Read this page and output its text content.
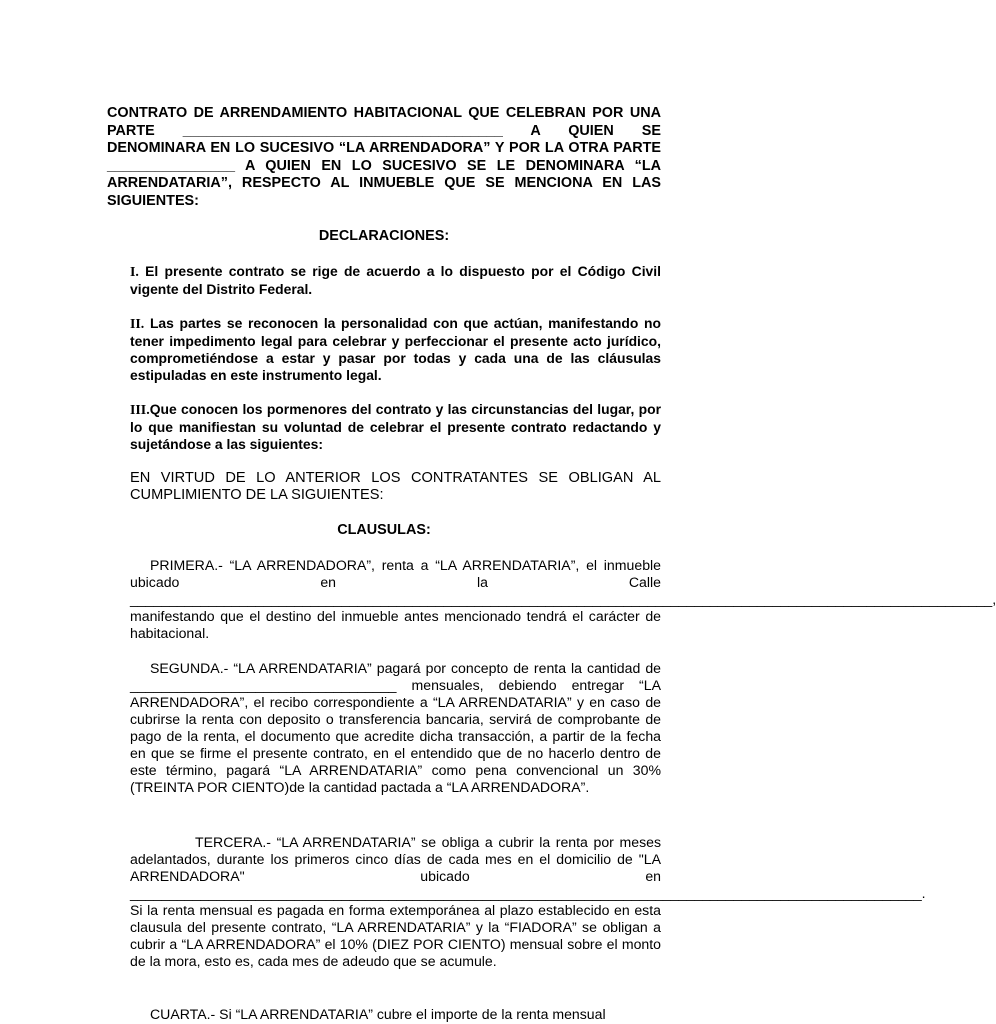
CONTRATO DE ARRENDAMIENTO HABITACIONAL QUE CELEBRAN POR UNA PARTE ________________________________________ A QUIEN SE DENOMINARA EN LO SUCESIVO “LA ARRENDADORA” Y POR LA OTRA PARTE ________________ A QUIEN EN LO SUCESIVO SE LE DENOMINARA “LA ARRENDATARIA”, RESPECTO AL INMUEBLE QUE SE MENCIONA EN LAS SIGUIENTES:
DECLARACIONES:
I. El presente contrato se rige de acuerdo a lo dispuesto por el Código Civil vigente del Distrito Federal.
II. Las partes se reconocen la personalidad con que actúan, manifestando no tener impedimento legal para celebrar y perfeccionar el presente acto jurídico, comprometiéndose a estar y pasar por todas y cada una de las cláusulas estipuladas en este instrumento legal.
III.Que conocen los pormenores del contrato y las circunstancias del lugar, por lo que manifiestan su voluntad de celebrar el presente contrato redactando y sujetándose a las siguientes:
EN VIRTUD DE LO ANTERIOR LOS CONTRATANTES SE OBLIGAN AL CUMPLIMIENTO DE LA SIGUIENTES:
CLAUSULAS:
PRIMERA.- “LA ARRENDADORA”, renta a “LA ARRENDATARIA”, el inmueble ubicado en la Calle ______________________________________________________________________________________________________________, manifestando que el destino del inmueble antes mencionado tendrá el carácter de habitacional.
SEGUNDA.- “LA ARRENDATARIA” pagará por concepto de renta la cantidad de __________________________________ mensuales, debiendo entregar “LA ARRENDADORA”, el recibo correspondiente a “LA ARRENDATARIA” y en caso de cubrirse la renta con deposito o transferencia bancaria, servirá de comprobante de pago de la renta, el documento que acredite dicha transacción, a partir de la fecha en que se firme el presente contrato, en el entendido que de no hacerlo dentro de este término, pagará “LA ARRENDATARIA” como pena convencional un 30% (TREINTA POR CIENTO)de la cantidad pactada a “LA ARRENDADORA”.
TERCERA.- “LA ARRENDATARIA” se obliga a cubrir la renta por meses adelantados, durante los primeros cinco días de cada mes en el domicilio de "LA ARRENDADORA" ubicado en _____________________________________________________________________________________________________. Si la renta mensual es pagada en forma extemporánea al plazo establecido en esta clausula del presente contrato, “LA ARRENDATARIA” y la “FIADORA” se obligan a cubrir a “LA ARRENDADORA” el 10% (DIEZ POR CIENTO) mensual sobre el monto de la mora, esto es, cada mes de adeudo que se acumule.
CUARTA.- Si “LA ARRENDATARIA” cubre el importe de la renta mensual
